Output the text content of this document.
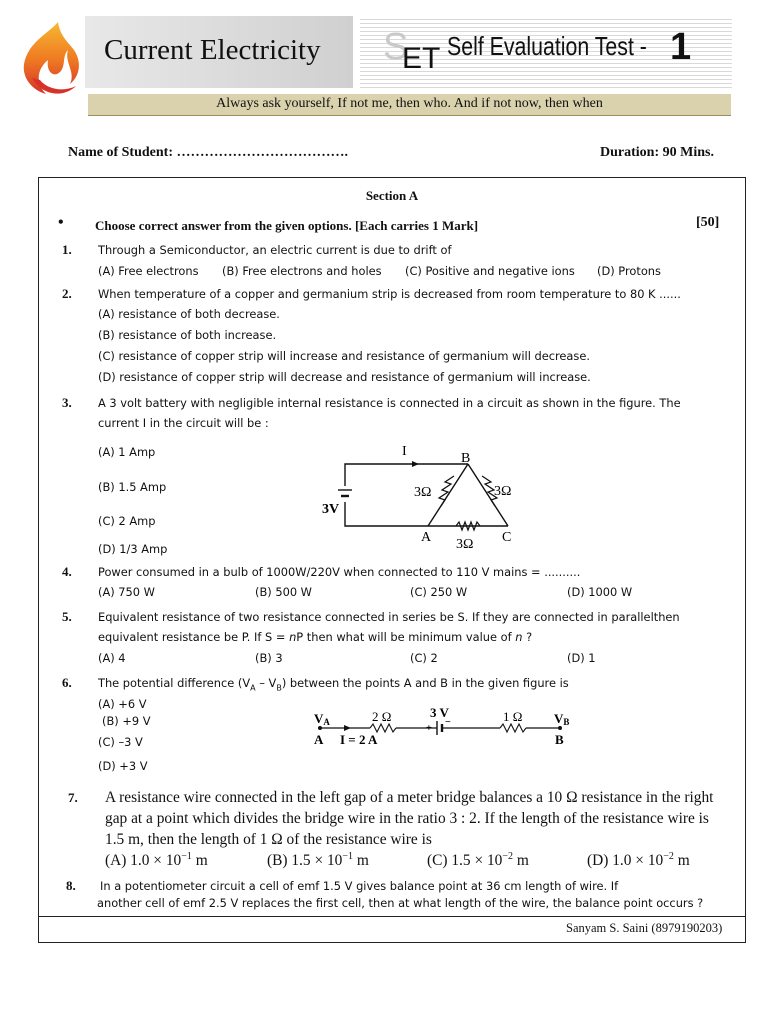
Current Electricity S
ET Self Evaluation Test - 1
Always ask yourself, If not me, then who. And if not now, then when
Name of Student: ……………………………….	Duration: 90 Mins.
Section A
• Choose correct answer from the given options. [Each carries 1 Mark]	[50]
1. Through a Semiconductor, an electric current is due to drift of
(A) Free electrons (B) Free electrons and holes (C) Positive and negative ions (D) Protons
2. When temperature of a copper and germanium strip is decreased from room temperature to 80 K ......
(A) resistance of both decrease.
(B) resistance of both increase.
(C) resistance of copper strip will increase and resistance of germanium will decrease.
(D) resistance of copper strip will decrease and resistance of germanium will increase.
3. A 3 volt battery with negligible internal resistance is connected in a circuit as shown in the figure. The
current I in the circuit will be :
(A) 1 Amp
(B) 1.5 Amp
(C) 2 Amp
(D) 1/3 Amp
I
3V
3Ω	3Ω
3Ω
A
B
C
4. Power consumed in a bulb of 1000W/220V when connected to 110 V mains = ..........
(A) 750 W	(B) 500 W	(C) 250 W	(D) 1000 W
5. Equivalent resistance of two resistance connected in series be S. If they are connected in parallelthen
equivalent resistance be P. If S = nP then what will be minimum value of n ?
(A) 4	(B) 3	(C) 2	(D) 1
6. The potential difference $(V_A - V_B)$ between the points A and B in the given figure is
(A) +6 V
(B) +9 V
(C) –3 V
(D) +3 V
VA
A I = 2 A
2 Ω	3 V
+
−	1 Ω VB
B
7. A resistance wire connected in the left gap of a meter bridge balances a 10 Ω resistance in the right
gap at a point which divides the bridge wire in the ratio 3 : 2. If the length of the resistance wire is
1.5 m, then the length of 1 Ω of the resistance wire is
(A) $1.0 \times 10^{-1}$ m	(B) $1.5 \times 10^{-1}$ m	(C) $1.5 \times 10^{-2}$ m	(D) $1.0 \times 10^{-2}$ m
8. In a potentiometer circuit a cell of emf 1.5 V gives balance point at 36 cm length of wire. If
another cell of emf 2.5 V replaces the first cell, then at what length of the wire, the balance point occurs ?
Sanyam S. Saini (8979190203)
